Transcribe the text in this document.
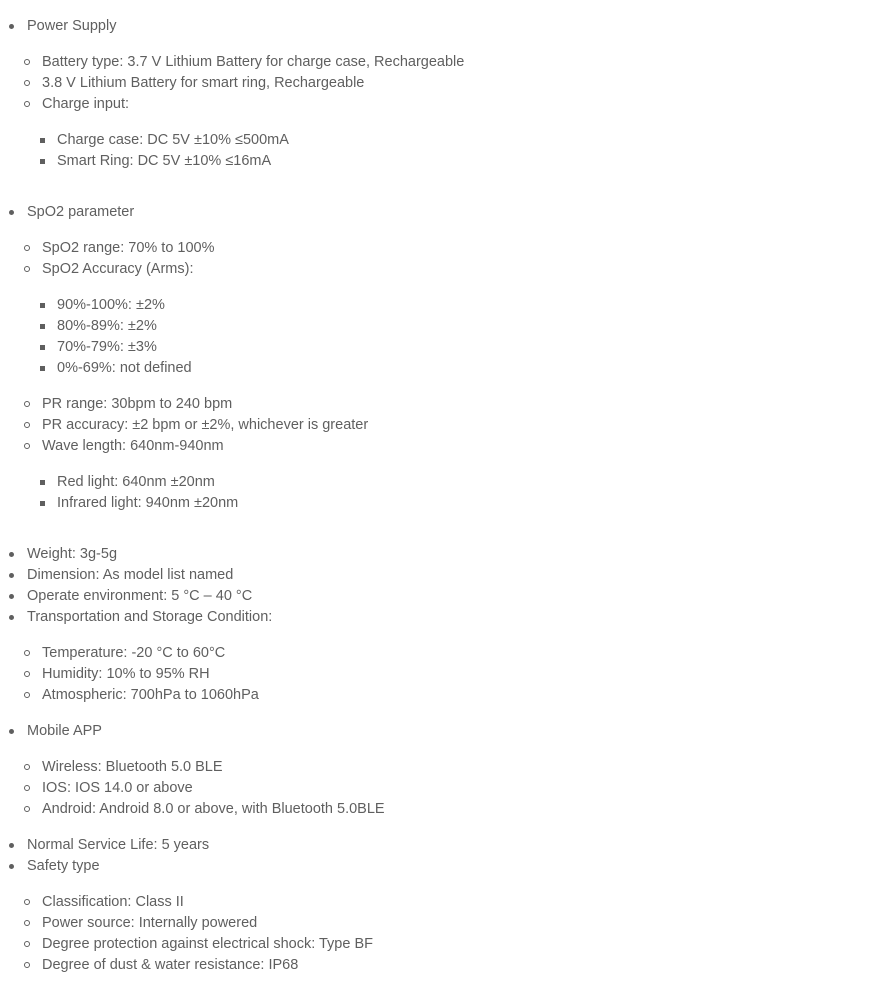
Power Supply
Battery type: 3.7 V Lithium Battery for charge case, Rechargeable
3.8 V Lithium Battery for smart ring, Rechargeable
Charge input:
Charge case: DC 5V ±10% ≤500mA
Smart Ring: DC 5V ±10% ≤16mA
SpO2 parameter
SpO2 range: 70% to 100%
SpO2 Accuracy (Arms):
90%-100%: ±2%
80%-89%: ±2%
70%-79%: ±3%
0%-69%: not defined
PR range: 30bpm to 240 bpm
PR accuracy: ±2 bpm or ±2%, whichever is greater
Wave length: 640nm-940nm
Red light: 640nm ±20nm
Infrared light: 940nm ±20nm
Weight: 3g-5g
Dimension: As model list named
Operate environment: 5 °C – 40 °C
Transportation and Storage Condition:
Temperature: -20 °C to 60°C
Humidity: 10% to 95% RH
Atmospheric: 700hPa to 1060hPa
Mobile APP
Wireless: Bluetooth 5.0 BLE
IOS: IOS 14.0 or above
Android: Android 8.0 or above, with Bluetooth 5.0BLE
Normal Service Life: 5 years
Safety type
Classification: Class II
Power source: Internally powered
Degree protection against electrical shock: Type BF
Degree of dust & water resistance: IP68
